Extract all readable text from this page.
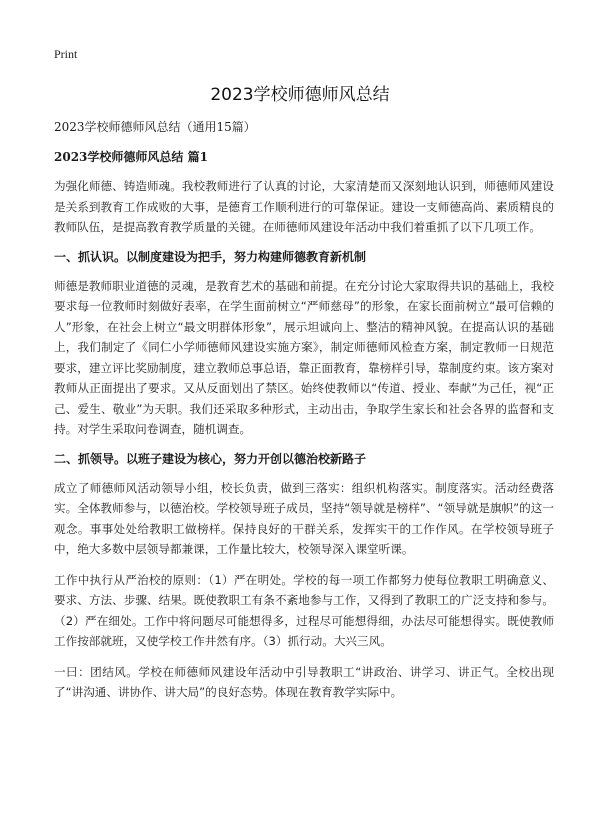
Print
2023学校师德师风总结

2023学校师德师风总结（通用15篇）

2023学校师德师风总结 篇1

为强化师德、铸造师魂。我校教师进行了认真的讨论，大家清楚而又深刻地认识到，师德师风建设是关系到教育工作成败的大事，是德育工作顺利进行的可靠保证。建设一支师德高尚、素质精良的教师队伍，是提高教育教学质量的关键。在师德师风建设年活动中我们着重抓了以下几项工作。

一、抓认识。以制度建设为把手，努力构建师德教育新机制

师德是教师职业道德的灵魂，是教育艺术的基础和前提。在充分讨论大家取得共识的基础上，我校要求每一位教师时刻做好表率，在学生面前树立“严师慈母”的形象，在家长面前树立“最可信赖的人”形象，在社会上树立“最文明群体形象”，展示坦诚向上、整洁的精神风貌。在提高认识的基础上，我们制定了《同仁小学师德师风建设实施方案》，制定师德师风检查方案，制定教师一日规范要求，建立评比奖励制度，建立教师总事总语，靠正面教育，靠榜样引导，靠制度约束。该方案对教师从正面提出了要求。又从反面划出了禁区。始终使教师以“传道、授业、奉献”为己任，视“正己、爱生、敬业”为天职。我们还采取多种形式，主动出击，争取学生家长和社会各界的监督和支持。对学生采取问卷调查，随机调查。

二、抓领导。以班子建设为核心，努力开创以德治校新路子

成立了师德师风活动领导小组，校长负责，做到三落实：组织机构落实。制度落实。活动经费落实。全体教师参与，以德治校。学校领导班子成员，坚持“领导就是榜样”、“领导就是旗帜”的这一观念。事事处处给教职工做榜样。保持良好的干群关系，发挥实干的工作作风。在学校领导班子中，绝大多数中层领导都兼课，工作量比较大，校领导深入课堂听课。

工作中执行从严治校的原则：（1）严在明处。学校的每一项工作都努力使每位教职工明确意义、要求、方法、步骤、结果。既使教职工有条不紊地参与工作，又得到了教职工的广泛支持和参与。（2）严在细处。工作中将问题尽可能想得多，过程尽可能想得细，办法尽可能想得实。既使教师工作按部就班，又使学校工作井然有序。（3）抓行动。大兴三风。

一曰：团结风。学校在师德师风建设年活动中引导教职工“讲政治、讲学习、讲正气。全校出现了“讲沟通、讲协作、讲大局”的良好态势。体现在教育教学实际中。
